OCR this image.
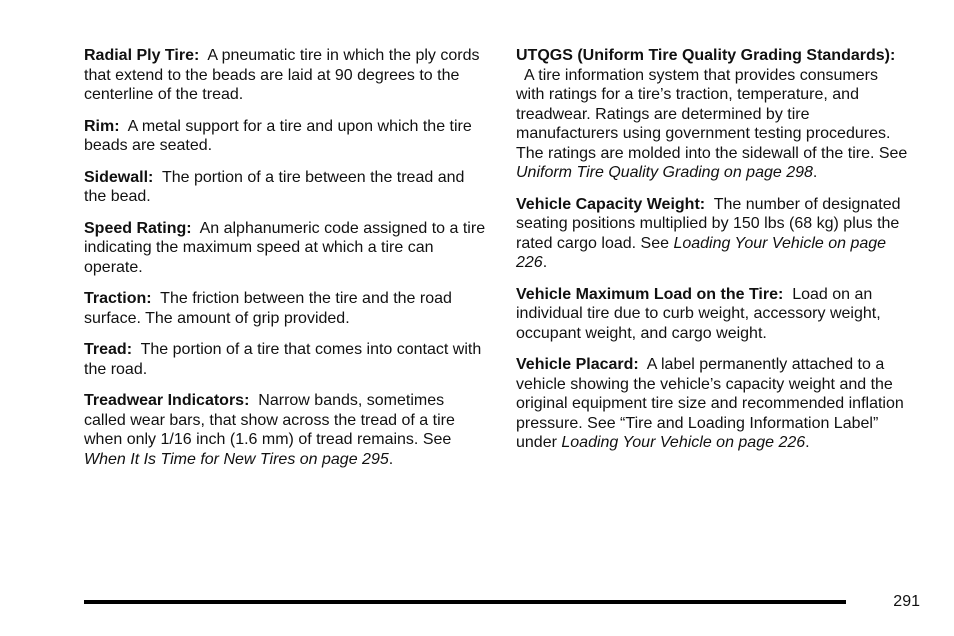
Radial Ply Tire: A pneumatic tire in which the ply cords that extend to the beads are laid at 90 degrees to the centerline of the tread.

Rim: A metal support for a tire and upon which the tire beads are seated.

Sidewall: The portion of a tire between the tread and the bead.

Speed Rating: An alphanumeric code assigned to a tire indicating the maximum speed at which a tire can operate.

Traction: The friction between the tire and the road surface. The amount of grip provided.

Tread: The portion of a tire that comes into contact with the road.

Treadwear Indicators: Narrow bands, sometimes called wear bars, that show across the tread of a tire when only 1/16 inch (1.6 mm) of tread remains. See When It Is Time for New Tires on page 295.

UTQGS (Uniform Tire Quality Grading Standards):  A tire information system that provides consumers with ratings for a tire’s traction, temperature, and treadwear. Ratings are determined by tire manufacturers using government testing procedures. The ratings are molded into the sidewall of the tire. See Uniform Tire Quality Grading on page 298.

Vehicle Capacity Weight: The number of designated seating positions multiplied by 150 lbs (68 kg) plus the rated cargo load. See Loading Your Vehicle on page 226.

Vehicle Maximum Load on the Tire: Load on an individual tire due to curb weight, accessory weight, occupant weight, and cargo weight.

Vehicle Placard: A label permanently attached to a vehicle showing the vehicle’s capacity weight and the original equipment tire size and recommended inflation pressure. See “Tire and Loading Information Label” under Loading Your Vehicle on page 226.

291
